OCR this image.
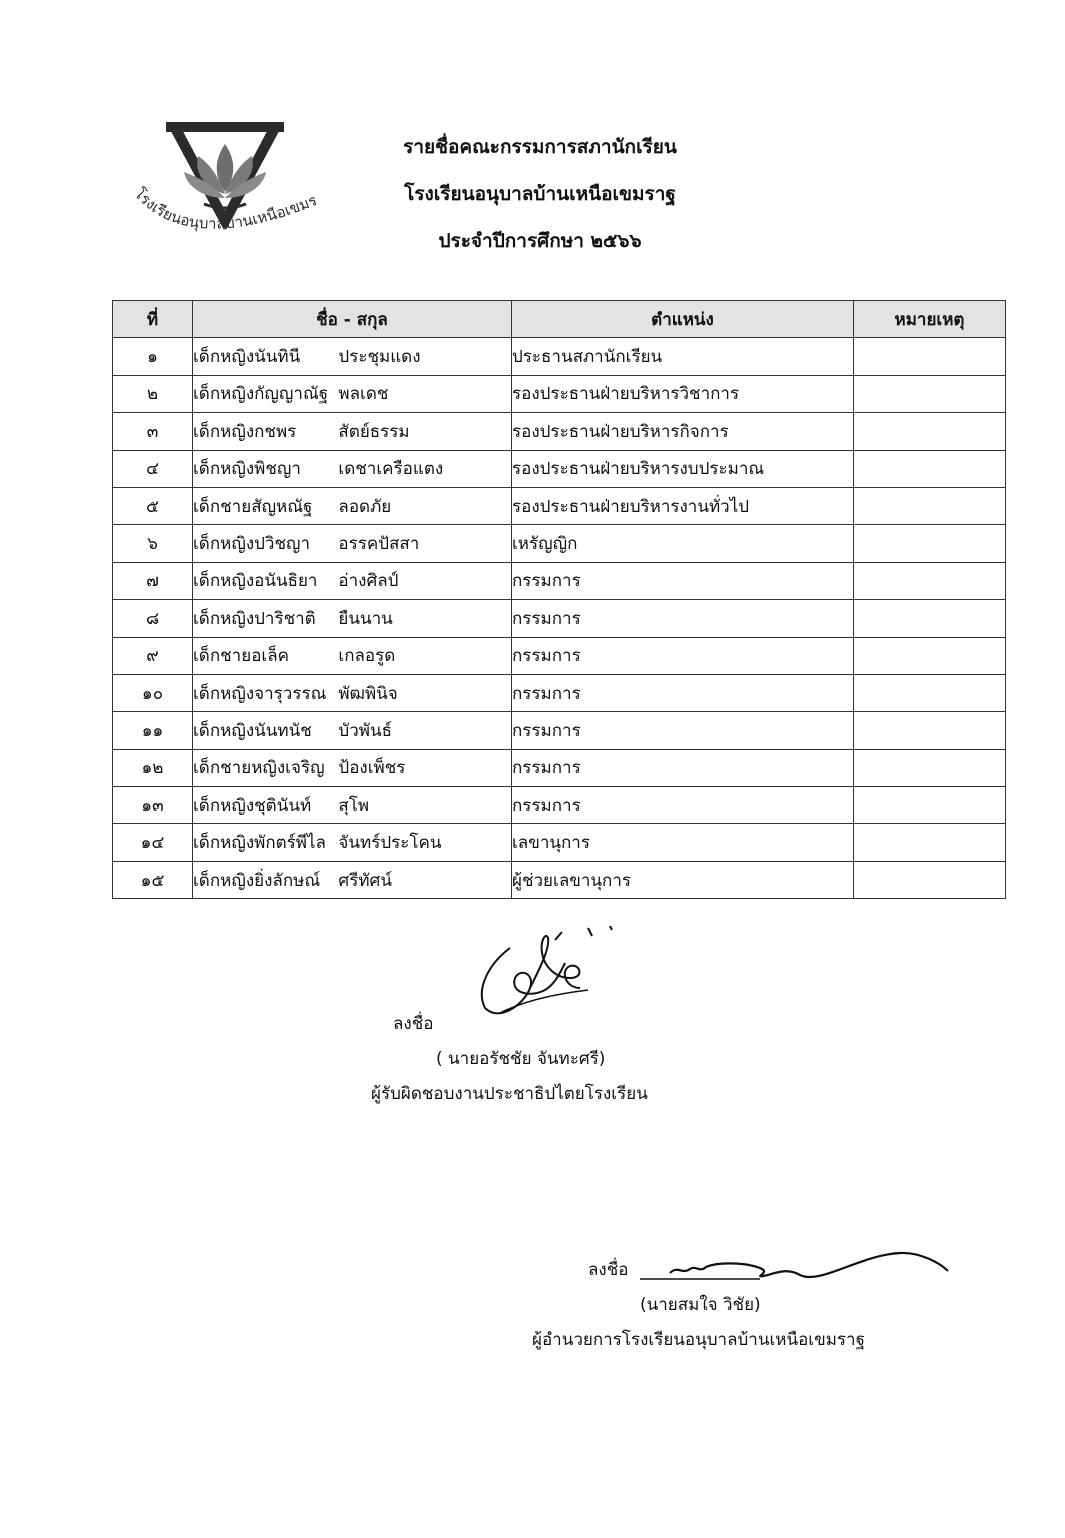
โรงเรียนอนุบาลบ้านเหนือเขมร
รายชื่อคณะกรรมการสภานักเรียน
โรงเรียนอนุบาลบ้านเหนือเขมราฐ
ประจำปีการศึกษา ๒๕๖๖
ที่	ชื่อ - สกุล	ตำแหน่ง	หมายเหตุ
๑	เด็กหญิงนันทินี ประชุมแดง	ประธานสภานักเรียน	
๒	เด็กหญิงกัญญาณัฐ พลเดช	รองประธานฝ่ายบริหารวิชาการ	
๓	เด็กหญิงกชพร สัตย์ธรรม	รองประธานฝ่ายบริหารกิจการ	
๔	เด็กหญิงพิชญา เดชาเครือแตง	รองประธานฝ่ายบริหารงบประมาณ	
๕	เด็กชายสัญหณัฐ ลอดภัย	รองประธานฝ่ายบริหารงานทั่วไป	
๖	เด็กหญิงปวิชญา อรรคปัสสา	เหรัญญิก	
๗	เด็กหญิงอนันธิยา อ่างศิลป์	กรรมการ	
๘	เด็กหญิงปาริชาติ ยืนนาน	กรรมการ	
๙	เด็กชายอเล็ค เกลอรูด	กรรมการ	
๑๐	เด็กหญิงจารุวรรณ พัฒพินิจ	กรรมการ	
๑๑	เด็กหญิงนันทนัช บัวพันธ์	กรรมการ	
๑๒	เด็กชายหญิงเจริญ ป้องเพ็ชร	กรรมการ	
๑๓	เด็กหญิงชุตินันท์ สุโพ	กรรมการ	
๑๔	เด็กหญิงพักตร์พีไล จันทร์ประโคน	เลขานุการ	
๑๕	เด็กหญิงยิ่งลักษณ์ ศรีทัศน์	ผู้ช่วยเลขานุการ	
ลงชื่อ
( นายอรัชชัย จันทะศรี)
ผู้รับผิดชอบงานประชาธิปไตยโรงเรียน
ลงชื่อ
(นายสมใจ วิชัย)
ผู้อำนวยการโรงเรียนอนุบาลบ้านเหนือเขมราฐ
